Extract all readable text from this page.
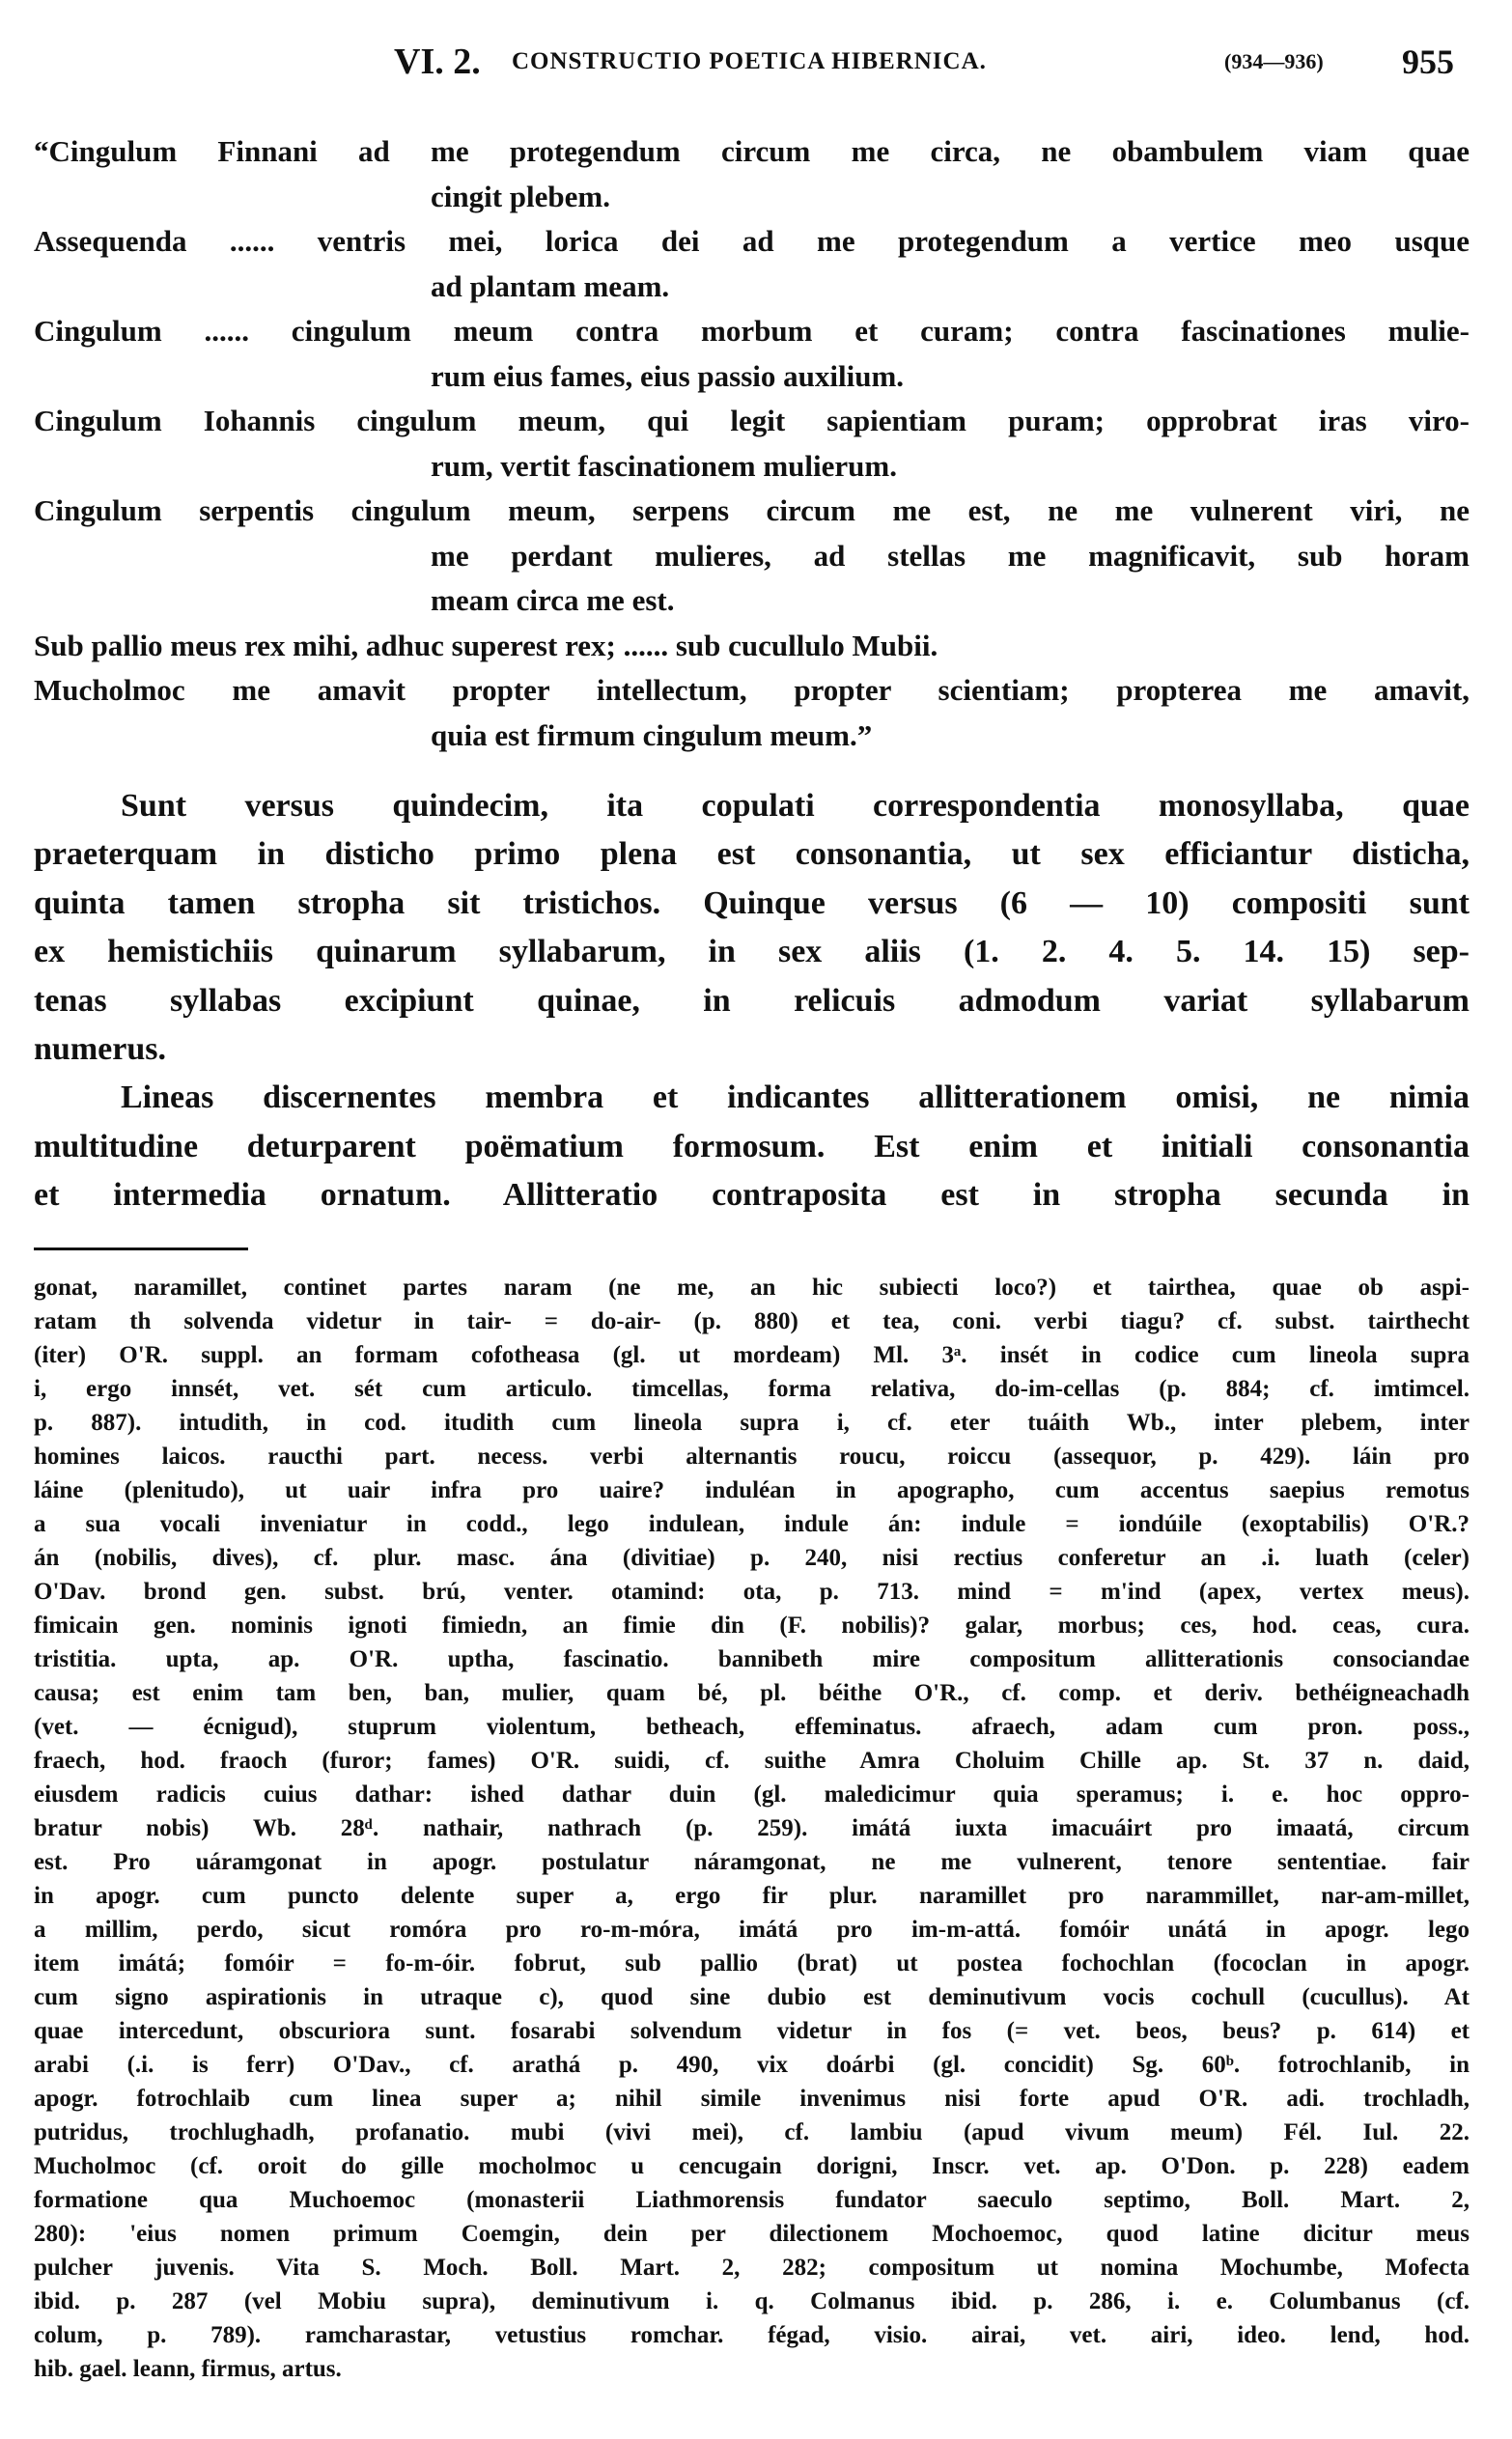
VI. 2. CONSTRUCTIO POETICA HIBERNICA.	(934—936) 955
“Cingulum Finnani ad me protegendum circum me circa, ne obambulem viam quae
cingit plebem.
Assequenda ...... ventris mei, lorica dei ad me protegendum a vertice meo usque
ad plantam meam.
Cingulum ...... cingulum meum contra morbum et curam; contra fascinationes mulie-
rum eius fames, eius passio auxilium.
Cingulum Iohannis cingulum meum, qui legit sapientiam puram; opprobrat iras viro-
rum, vertit fascinationem mulierum.
Cingulum serpentis cingulum meum, serpens circum me est, ne me vulnerent viri, ne
me perdant mulieres, ad stellas me magnificavit, sub horam
meam circa me est.
Sub pallio meus rex mihi, adhuc superest rex; ...... sub cucullulo Mubii.
Mucholmoc me amavit propter intellectum, propter scientiam; propterea me amavit,
quia est firmum cingulum meum.”
Sunt versus quindecim, ita copulati correspondentia monosyllaba, quae
praeterquam in disticho primo plena est consonantia, ut sex efficiantur disticha,
quinta tamen stropha sit tristichos. Quinque versus (6 — 10) compositi sunt
ex hemistichiis quinarum syllabarum, in sex aliis (1. 2. 4. 5. 14. 15) sep-
tenas syllabas excipiunt quinae, in relicuis admodum variat syllabarum
numerus.
Lineas discernentes membra et indicantes allitterationem omisi, ne nimia
multitudine deturparent poëmatium formosum. Est enim et initiali consonantia
et intermedia ornatum. Allitteratio contraposita est in stropha secunda in
gonat, naramillet, continet partes naram (ne me, an hic subiecti loco?) et tairthea, quae ob aspi-
ratam th solvenda videtur in tair- = do-air- (p. 880) et tea, coni. verbi tiagu? cf. subst. tairthecht
(iter) O'R. suppl. an formam cofotheasa (gl. ut mordeam) Ml. 3ᵃ. insét in codice cum lineola supra
i, ergo innsét, vet. sét cum articulo. timcellas, forma relativa, do-im-cellas (p. 884; cf. imtimcel.
p. 887). intudith, in cod. itudith cum lineola supra i, cf. eter tuáith Wb., inter plebem, inter
homines laicos. raucthi part. necess. verbi alternantis roucu, roiccu (assequor, p. 429). láin pro
láine (plenitudo), ut uair infra pro uaire? induléan in apographo, cum accentus saepius remotus
a sua vocali inveniatur in codd., lego indulean, indule án: indule = iondúile (exoptabilis) O'R.?
án (nobilis, dives), cf. plur. masc. ána (divitiae) p. 240, nisi rectius conferetur an .i. luath (celer)
O'Dav. brond gen. subst. brú, venter. otamind: ota, p. 713. mind = m'ind (apex, vertex meus).
fimicain gen. nominis ignoti fimiedn, an fimie din (F. nobilis)? galar, morbus; ces, hod. ceas, cura.
tristitia. upta, ap. O'R. uptha, fascinatio. bannibeth mire compositum allitterationis consociandae
causa; est enim tam ben, ban, mulier, quam bé, pl. béithe O'R., cf. comp. et deriv. bethéigneachadh
(vet. — écnigud), stuprum violentum, betheach, effeminatus. afraech, adam cum pron. poss.,
fraech, hod. fraoch (furor; fames) O'R. suidi, cf. suithe Amra Choluim Chille ap. St. 37 n. daid,
eiusdem radicis cuius dathar: ished dathar duin (gl. maledicimur quia speramus; i. e. hoc oppro-
bratur nobis) Wb. 28ᵈ. nathair, nathrach (p. 259). imátá iuxta imacuáirt pro imaatá, circum
est. Pro uáramgonat in apogr. postulatur náramgonat, ne me vulnerent, tenore sententiae. fair
in apogr. cum puncto delente super a, ergo fir plur. naramillet pro narammillet, nar-am-millet,
a millim, perdo, sicut romóra pro ro-m-móra, imátá pro im-m-attá. fomóir unátá in apogr. lego
item imátá; fomóir = fo-m-óir. fobrut, sub pallio (brat) ut postea fochochlan (fococlan in apogr.
cum signo aspirationis in utraque c), quod sine dubio est deminutivum vocis cochull (cucullus). At
quae intercedunt, obscuriora sunt. fosarabi solvendum videtur in fos (= vet. beos, beus? p. 614) et
arabi (.i. is ferr) O'Dav., cf. arathá p. 490, vix doárbi (gl. concidit) Sg. 60ᵇ. fotrochlanib, in
apogr. fotrochlaib cum linea super a; nihil simile invenimus nisi forte apud O'R. adi. trochladh,
putridus, trochlughadh, profanatio. mubi (vivi mei), cf. lambiu (apud vivum meum) Fél. Iul. 22.
Mucholmoc (cf. oroit do gille mocholmoc u cencugain dorigni, Inscr. vet. ap. O'Don. p. 228) eadem
formatione qua Muchoemoc (monasterii Liathmorensis fundator saeculo septimo, Boll. Mart. 2,
280): 'eius nomen primum Coemgin, dein per dilectionem Mochoemoc, quod latine dicitur meus
pulcher juvenis. Vita S. Moch. Boll. Mart. 2, 282; compositum ut nomina Mochumbe, Mofecta
ibid. p. 287 (vel Mobiu supra), deminutivum i. q. Colmanus ibid. p. 286, i. e. Columbanus (cf.
colum, p. 789). ramcharastar, vetustius romchar. fégad, visio. airai, vet. airi, ideo. lend, hod.
hib. gael. leann, firmus, artus.
